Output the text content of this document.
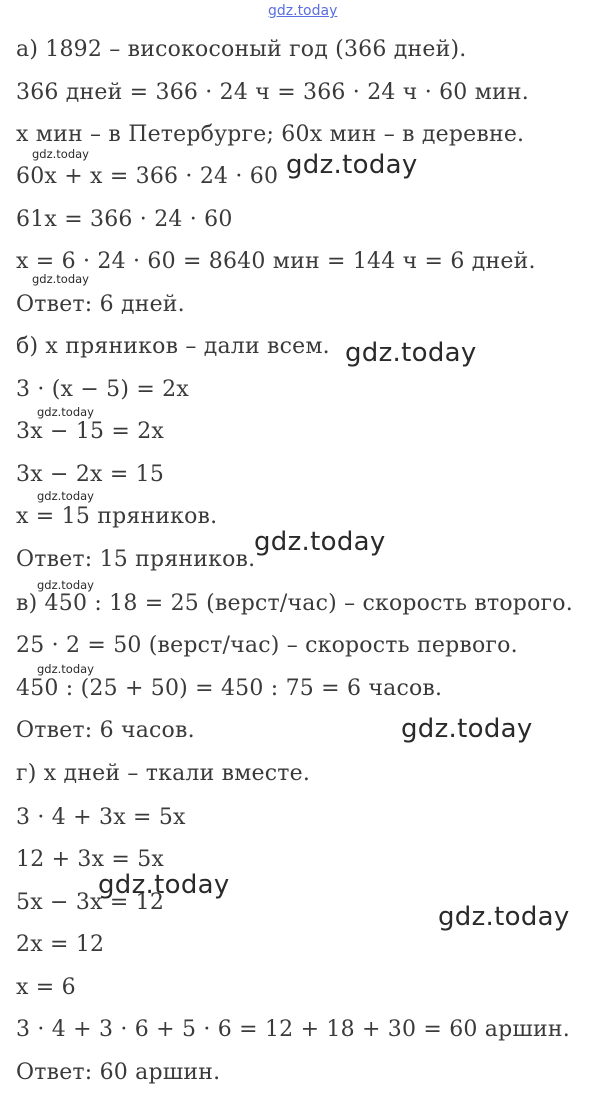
а) 1892 – високосоный год (366 дней).
366 дней = 366 · 24 ч = 366 · 24 ч · 60 мин.
x мин – в Петербурге; 60x мин – в деревне.
60x + x = 366 · 24 · 60
61x = 366 · 24 · 60
x = 6 · 24 · 60 = 8640 мин = 144 ч = 6 дней.
Ответ: 6 дней.
б) x пряников – дали всем.
3 · (x − 5) = 2x
3x − 15 = 2x
3x − 2x = 15
x = 15 пряников.
Ответ: 15 пряников.
в) 450 : 18 = 25 (верст/час) – скорость второго.
25 · 2 = 50 (верст/час) – скорость первого.
450 : (25 + 50) = 450 : 75 = 6 часов.
Ответ: 6 часов.
г) x дней – ткали вместе.
3 · 4 + 3x = 5x
12 + 3x = 5x
5x − 3x = 12
2x = 12
x = 6
3 · 4 + 3 · 6 + 5 · 6 = 12 + 18 + 30 = 60 аршин.
Ответ: 60 аршин.
gdz.today
gdz.today	gdz.today
gdz.today
gdz.today
gdz.today
gdz.today
gdz.today
gdz.today
gdz.today
gdz.today
gdz.today
gdz.today
